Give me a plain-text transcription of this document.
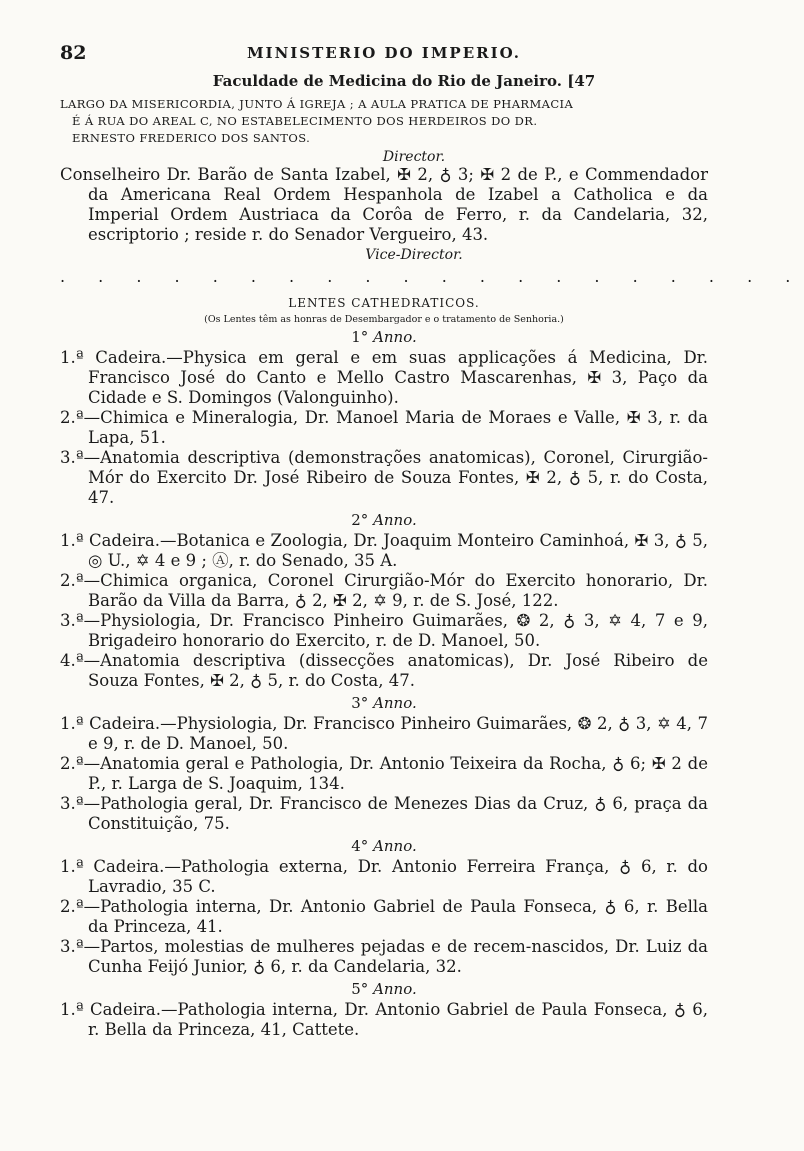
82	MINISTERIO DO IMPERIO.
Faculdade de Medicina do Rio de Janeiro. [47
LARGO DA MISERICORDIA, JUNTO Á IGREJA ; A AULA PRATICA DE PHARMACIA
É Á RUA DO AREAL C, NO ESTABELECIMENTO DOS HERDEIROS DO DR.
ERNESTO FREDERICO DOS SANTOS.
Director.
Conselheiro Dr. Barão de Santa Izabel, ✠ 2, ♁ 3; ✠ 2 de P., e Commendador da Americana Real Ordem Hespanhola de Izabel a Catholica e da Imperial Ordem Austriaca da Corôa de Ferro, r. da Candelaria, 32, escriptorio ; reside r. do Senador Vergueiro, 43.
Vice-Director.
. . . . . . . . . . . . . . . . . . . .
LENTES CATHEDRATICOS.
(Os Lentes têm as honras de Desembargador e o tratamento de Senhoria.)
1° Anno.
1.ª Cadeira.—Physica em geral e em suas applicações á Medicina, Dr. Francisco José do Canto e Mello Castro Mascarenhas, ✠ 3, Paço da Cidade e S. Domingos (Valonguinho).
2.ª—Chimica e Mineralogia, Dr. Manoel Maria de Moraes e Valle, ✠ 3, r. da Lapa, 51.
3.ª—Anatomia descriptiva (demonstrações anatomicas), Coronel, Cirurgião-Mór do Exercito Dr. José Ribeiro de Souza Fontes, ✠ 2, ♁ 5, r. do Costa, 47.
2° Anno.
1.ª Cadeira.—Botanica e Zoologia, Dr. Joaquim Monteiro Caminhoá, ✠ 3, ♁ 5, ◎ U., ✡ 4 e 9 ; Ⓐ, r. do Senado, 35 A.
2.ª—Chimica organica, Coronel Cirurgião-Mór do Exercito honorario, Dr. Barão da Villa da Barra, ♁ 2, ✠ 2, ✡ 9, r. de S. José, 122.
3.ª—Physiologia, Dr. Francisco Pinheiro Guimarães, ❂ 2, ♁ 3, ✡ 4, 7 e 9, Brigadeiro honorario do Exercito, r. de D. Manoel, 50.
4.ª—Anatomia descriptiva (dissecções anatomicas), Dr. José Ribeiro de Souza Fontes, ✠ 2, ♁ 5, r. do Costa, 47.
3° Anno.
1.ª Cadeira.—Physiologia, Dr. Francisco Pinheiro Guimarães, ❂ 2, ♁ 3, ✡ 4, 7 e 9, r. de D. Manoel, 50.
2.ª—Anatomia geral e Pathologia, Dr. Antonio Teixeira da Rocha, ♁ 6; ✠ 2 de P., r. Larga de S. Joaquim, 134.
3.ª—Pathologia geral, Dr. Francisco de Menezes Dias da Cruz, ♁ 6, praça da Constituição, 75.
4° Anno.
1.ª Cadeira.—Pathologia externa, Dr. Antonio Ferreira França, ♁ 6, r. do Lavradio, 35 C.
2.ª—Pathologia interna, Dr. Antonio Gabriel de Paula Fonseca, ♁ 6, r. Bella da Princeza, 41.
3.ª—Partos, molestias de mulheres pejadas e de recem-nascidos, Dr. Luiz da Cunha Feijó Junior, ♁ 6, r. da Candelaria, 32.
5° Anno.
1.ª Cadeira.—Pathologia interna, Dr. Antonio Gabriel de Paula Fonseca, ♁ 6, r. Bella da Princeza, 41, Cattete.
